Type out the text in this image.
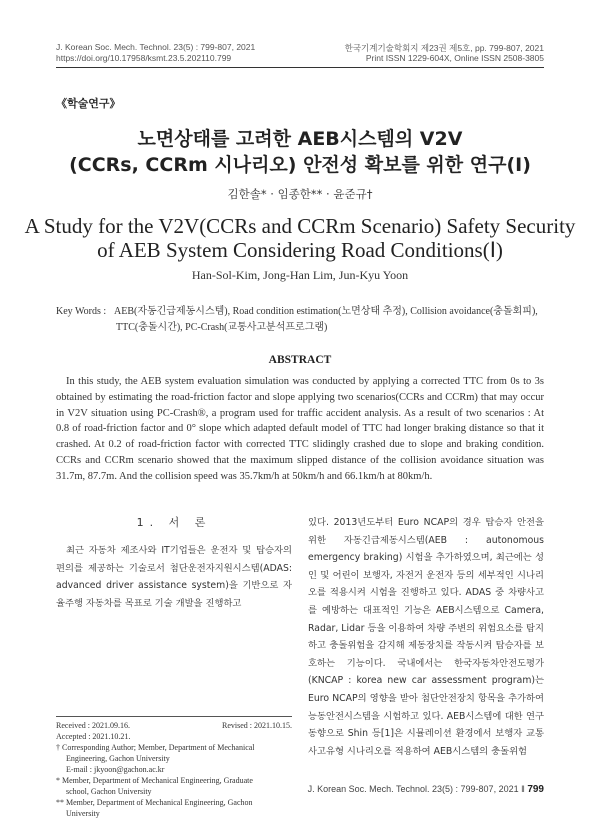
J. Korean Soc. Mech. Technol. 23(5) : 799-807, 2021
https://doi.org/10.17958/ksmt.23.5.202110.799
한국기계기술학회지 제23권 제5호, pp. 799-807, 2021
Print ISSN 1229-604X, Online ISSN 2508-3805
《학술연구》
노면상태를 고려한 AEB시스템의 V2V
(CCRs, CCRm 시나리오) 안전성 확보를 위한 연구(Ⅰ)
김한솔* · 임종한** · 윤준규†
A Study for the V2V(CCRs and CCRm Scenario) Safety Security
of AEB System Considering Road Conditions(Ⅰ)
Han-Sol-Kim, Jong-Han Lim, Jun-Kyu Yoon
Key Words : AEB(자동긴급제동시스템), Road condition estimation(노면상태 추정), Collision avoidance(충돌회피),
TTC(충돌시간), PC-Crash(교통사고분석프로그램)
ABSTRACT

In this study, the AEB system evaluation simulation was conducted by applying a corrected TTC from 0s to 3s obtained by estimating the road-friction factor and slope applying two scenarios(CCRs and CCRm) that may occur in V2V situation using PC-Crash®, a program used for traffic accident analysis. As a result of two scenarios : At 0.8 of road-friction factor and 0° slope which adapted default model of TTC had longer braking distance so that it crashed. At 0.2 of road-friction factor with corrected TTC slidingly crashed due to slope and braking condition. CCRs and CCRm scenario showed that the maximum slipped distance of the collision avoidance situation was 31.7m, 87.7m. And the collision speed was 35.7km/h at 50km/h and 66.1km/h at 80km/h.

1. 서 론

최근 자동차 제조사와 IT기업들은 운전자 및 탑승자의 편의를 제공하는 기술로서 첨단운전자지원시스템(ADAS: advanced driver assistance system)을 기반으로 자율주행 자동차를 목표로 기술 개발을 진행하고

Received : 2021.09.16.	Revised : 2021.10.15.
Accepted : 2021.10.21.
† Corresponding Author; Member, Department of Mechanical
Engineering, Gachon University
E-mail : jkyoon@gachon.ac.kr
* Member, Department of Mechanical Engineering, Graduate
school, Gachon University
** Member, Department of Mechanical Engineering, Gachon
University

있다. 2013년도부터 Euro NCAP의 경우 탑승자 안전을 위한 자동긴급제동시스템(AEB : autonomous emergency braking) 시험을 추가하였으며, 최근에는 성인 및 어린이 보행자, 자전거 운전자 등의 세부적인 시나리오를 적용시켜 시험을 진행하고 있다. ADAS 중 차량사고를 예방하는 대표적인 기능은 AEB시스템으로 Camera, Radar, Lidar 등을 이용하여 차량 주변의 위험요소를 탐지하고 충돌위험을 감지해 제동장치를 작동시켜 탑승자를 보호하는 기능이다. 국내에서는 한국자동차안전도평가(KNCAP : korea new car assessment program)는 Euro NCAP의 영향을 받아 첨단안전장치 항목을 추가하여 능동안전시스템을 시험하고 있다. AEB시스템에 대한 연구동향으로 Shin 등[1]은 시뮬레이션 환경에서 보행자 교통사고유형 시나리오를 적용하여 AEB시스템의 충돌위험

J. Korean Soc. Mech. Technol. 23(5) : 799-807, 2021 ‖ 799
